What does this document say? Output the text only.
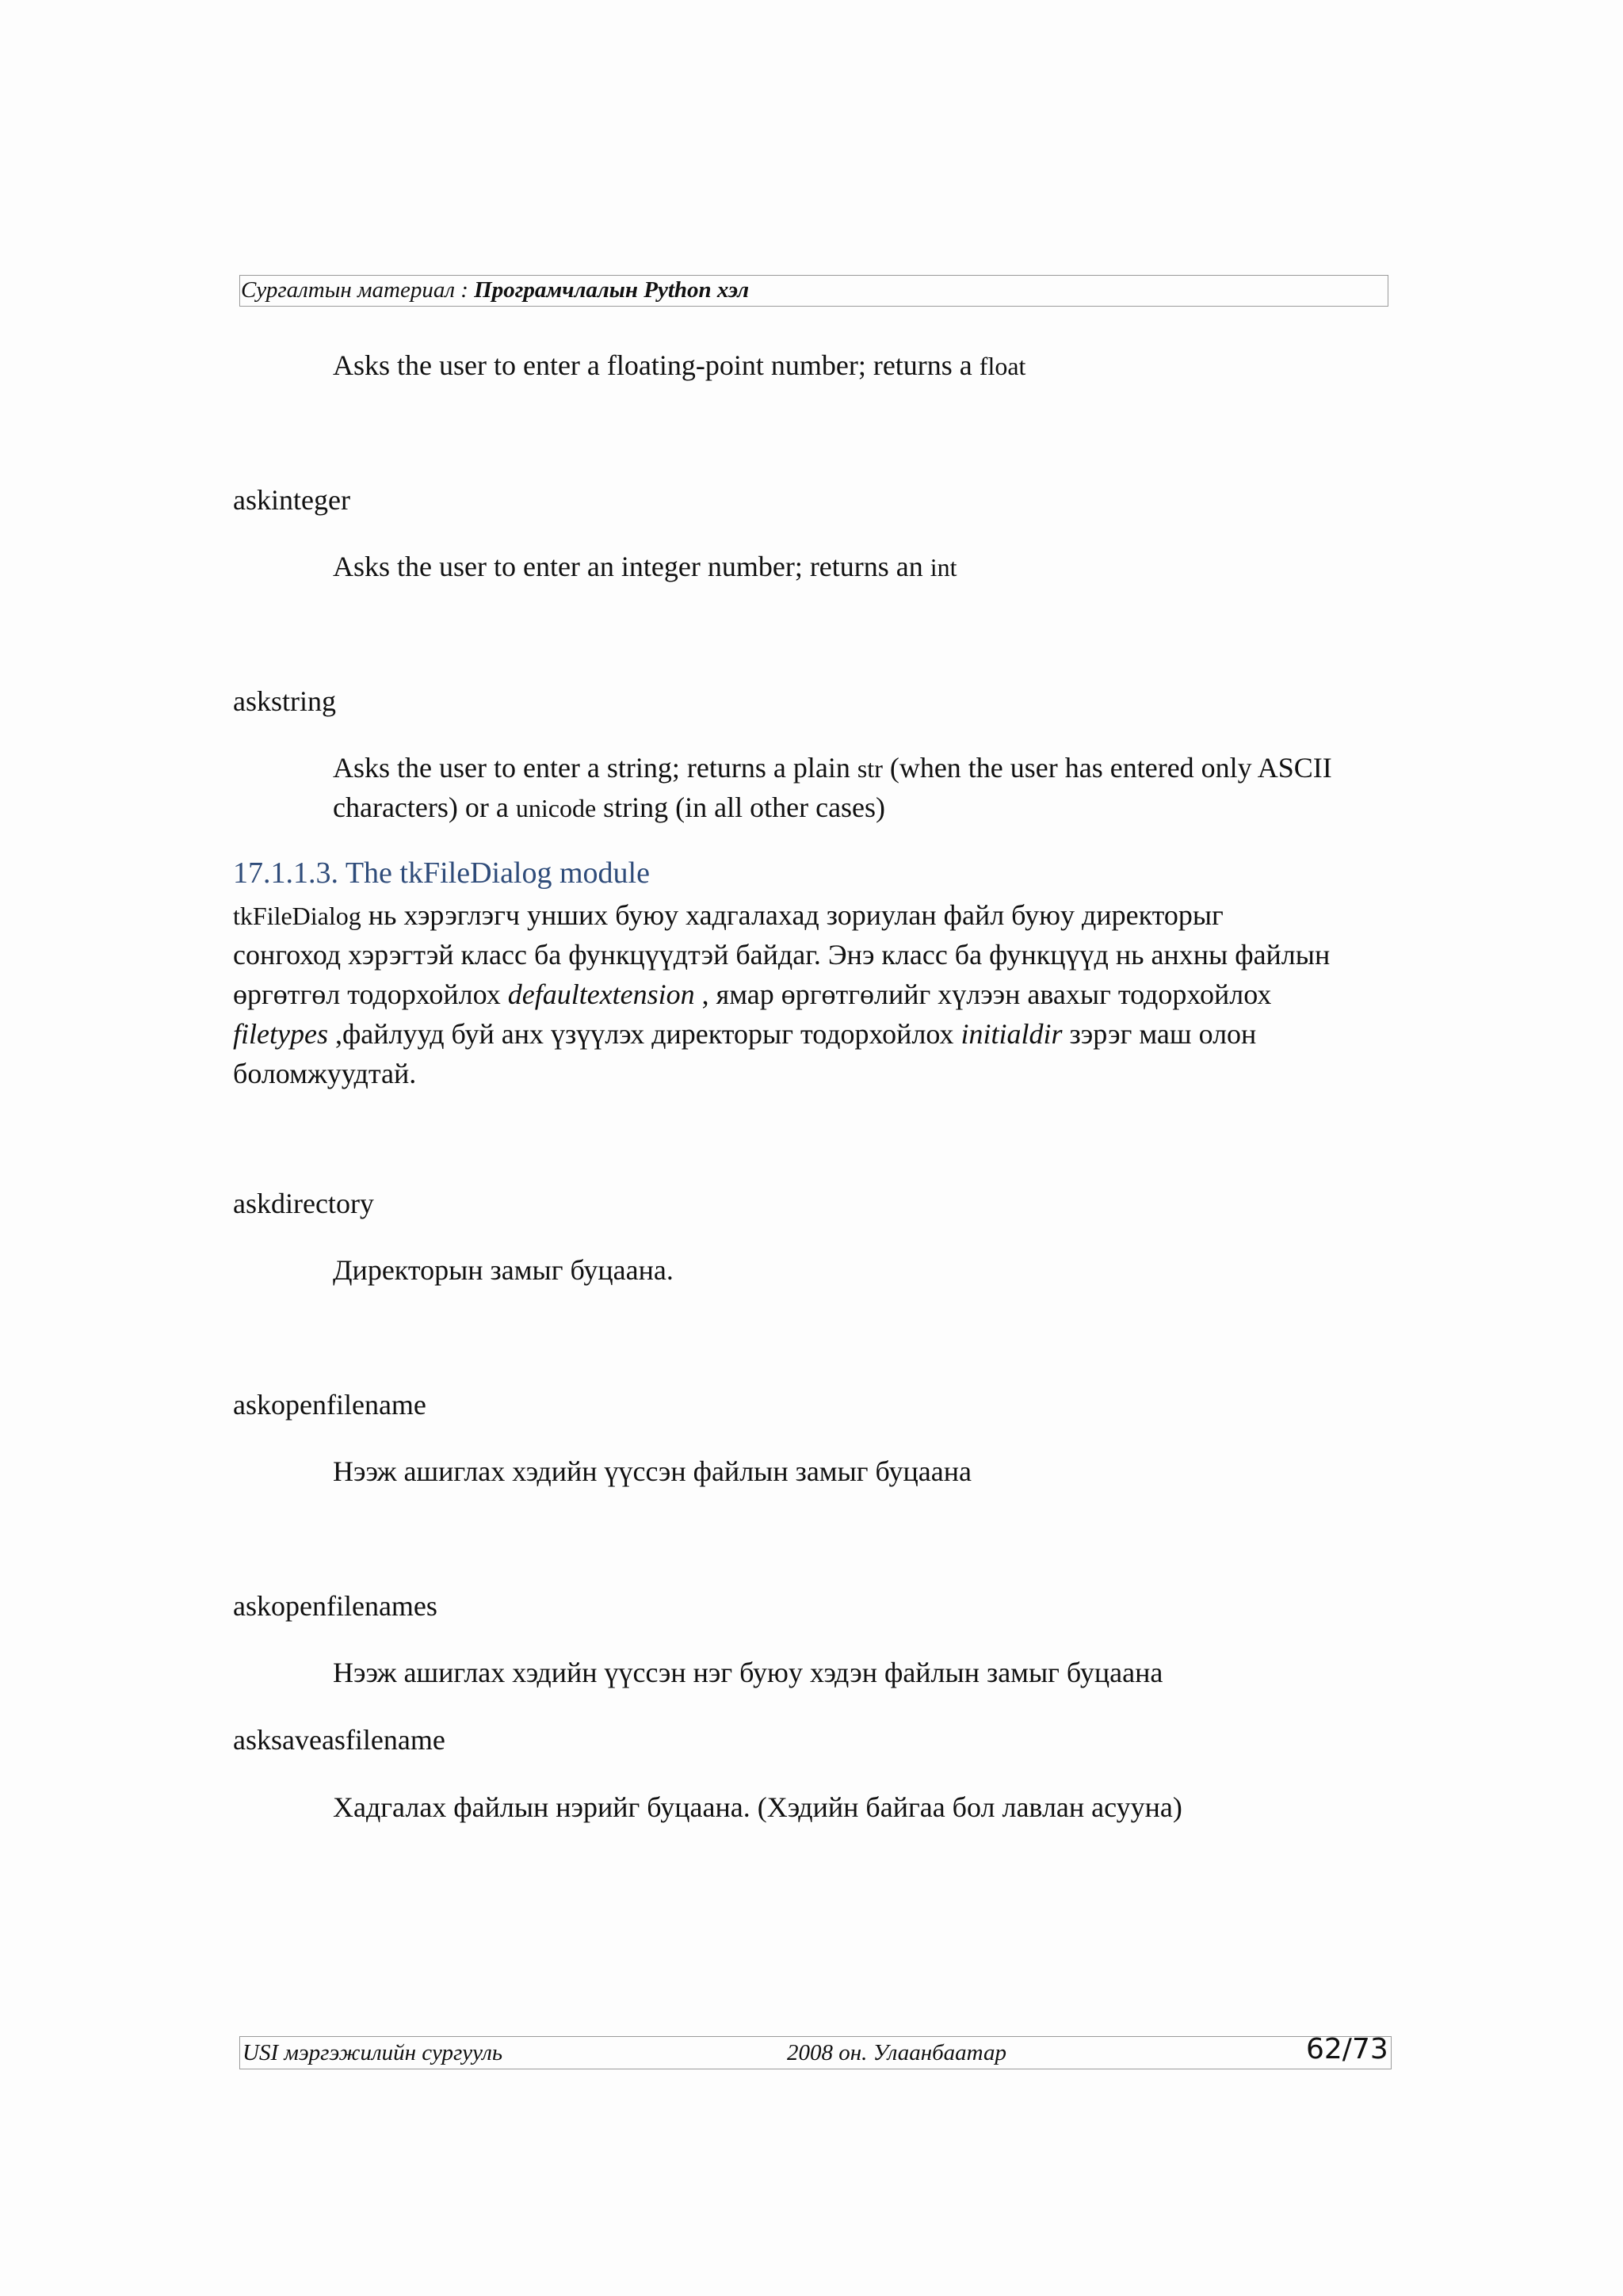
Сургалтын материал : Програмчлалын Python хэл
Asks the user to enter a floating-point number; returns a float
askinteger
Asks the user to enter an integer number; returns an int
askstring
Asks the user to enter a string; returns a plain str (when the user has entered only ASCII
characters) or a unicode string (in all other cases)
17.1.1.3. The tkFileDialog module
tkFileDialog нь хэрэглэгч унших буюу хадгалахад зориулан файл буюу директорыг
сонгоход хэрэгтэй класс ба функцүүдтэй байдаг. Энэ класс ба функцүүд нь анхны файлын
өргөтгөл тодорхойлох defaultextension , ямар өргөтгөлийг хүлээн авахыг тодорхойлох
filetypes ,файлууд буй анх үзүүлэх директорыг тодорхойлох initialdir зэрэг маш олон
боломжуудтай.
askdirectory
Директорын замыг буцаана.
askopenfilename
Нээж ашиглах хэдийн үүссэн файлын замыг буцаана
askopenfilenames
Нээж ашиглах хэдийн үүссэн нэг буюу хэдэн файлын замыг буцаана
asksaveasfilename
Хадгалах файлын нэрийг буцаана. (Хэдийн байгаа бол лавлан асууна)
USI мэргэжилийн сургууль	2008 он. Улаанбаатар	62/73
